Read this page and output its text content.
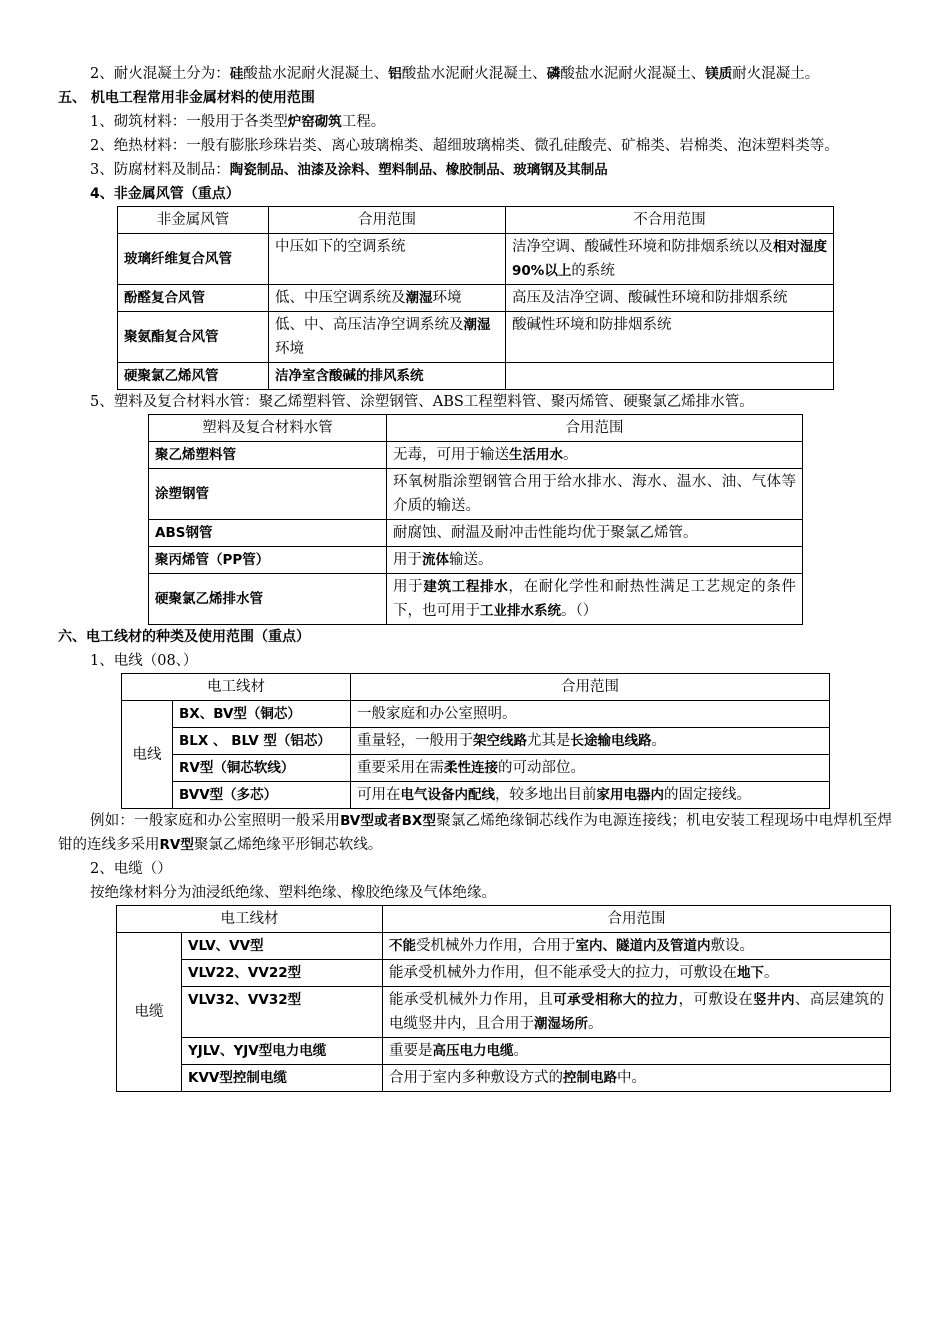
2、耐火混凝土分为：硅酸盐水泥耐火混凝土、铝酸盐水泥耐火混凝土、磷酸盐水泥耐火混凝土、镁质耐火混凝土。

五、 机电工程常用非金属材料的使用范围

1、砌筑材料：一般用于各类型炉窑砌筑工程。

2、绝热材料：一般有膨胀珍珠岩类、离心玻璃棉类、超细玻璃棉类、微孔硅酸壳、矿棉类、岩棉类、泡沫塑料类等。

3、防腐材料及制品：陶瓷制品、油漆及涂料、塑料制品、橡胶制品、玻璃钢及其制品

4、非金属风管（重点）

非金属风管	合用范围	不合用范围
玻璃纤维复合风管	中压如下的空调系统	洁净空调、酸碱性环境和防排烟系统以及相对湿度90%以上的系统
酚醛复合风管	低、中压空调系统及潮湿环境	高压及洁净空调、酸碱性环境和防排烟系统
聚氨酯复合风管	低、中、高压洁净空调系统及潮湿环境	酸碱性环境和防排烟系统
硬聚氯乙烯风管	洁净室含酸碱的排风系统	

5、塑料及复合材料水管：聚乙烯塑料管、涂塑钢管、ABS工程塑料管、聚丙烯管、硬聚氯乙烯排水管。

塑料及复合材料水管	合用范围
聚乙烯塑料管	无毒，可用于输送生活用水。
涂塑钢管	环氧树脂涂塑钢管合用于给水排水、海水、温水、油、气体等介质的输送。
ABS钢管	耐腐蚀、耐温及耐冲击性能均优于聚氯乙烯管。
聚丙烯管（PP管）	用于流体输送。
硬聚氯乙烯排水管	用于建筑工程排水，在耐化学性和耐热性满足工艺规定的条件下，也可用于工业排水系统。（）

六、电工线材的种类及使用范围（重点）

1、电线（08、）

电工线材		合用范围
电线	BX、BV型（铜芯）	一般家庭和办公室照明。
	BLX 、 BLV 型（铝芯）	重量轻，一般用于架空线路尤其是长途输电线路。
	RV型（铜芯软线）	重要采用在需柔性连接的可动部位。
	BVV型（多芯）	可用在电气设备内配线，较多地出目前家用电器内的固定接线。

例如：一般家庭和办公室照明一般采用BV型或者BX型聚氯乙烯绝缘铜芯线作为电源连接线；机电安装工程现场中电焊机至焊钳的连线多采用RV型聚氯乙烯绝缘平形铜芯软线。

2、电缆（）

按绝缘材料分为油浸纸绝缘、塑料绝缘、橡胶绝缘及气体绝缘。

电工线材		合用范围
电缆	VLV、VV型	不能受机械外力作用，合用于室内、隧道内及管道内敷设。
	VLV22、VV22型	能承受机械外力作用，但不能承受大的拉力，可敷设在地下。
	VLV32、VV32型	能承受机械外力作用，且可承受相称大的拉力，可敷设在竖井内、高层建筑的电缆竖井内，且合用于潮湿场所。
	YJLV、YJV型电力电缆	重要是高压电力电缆。
	KVV型控制电缆	合用于室内多种敷设方式的控制电路中。
